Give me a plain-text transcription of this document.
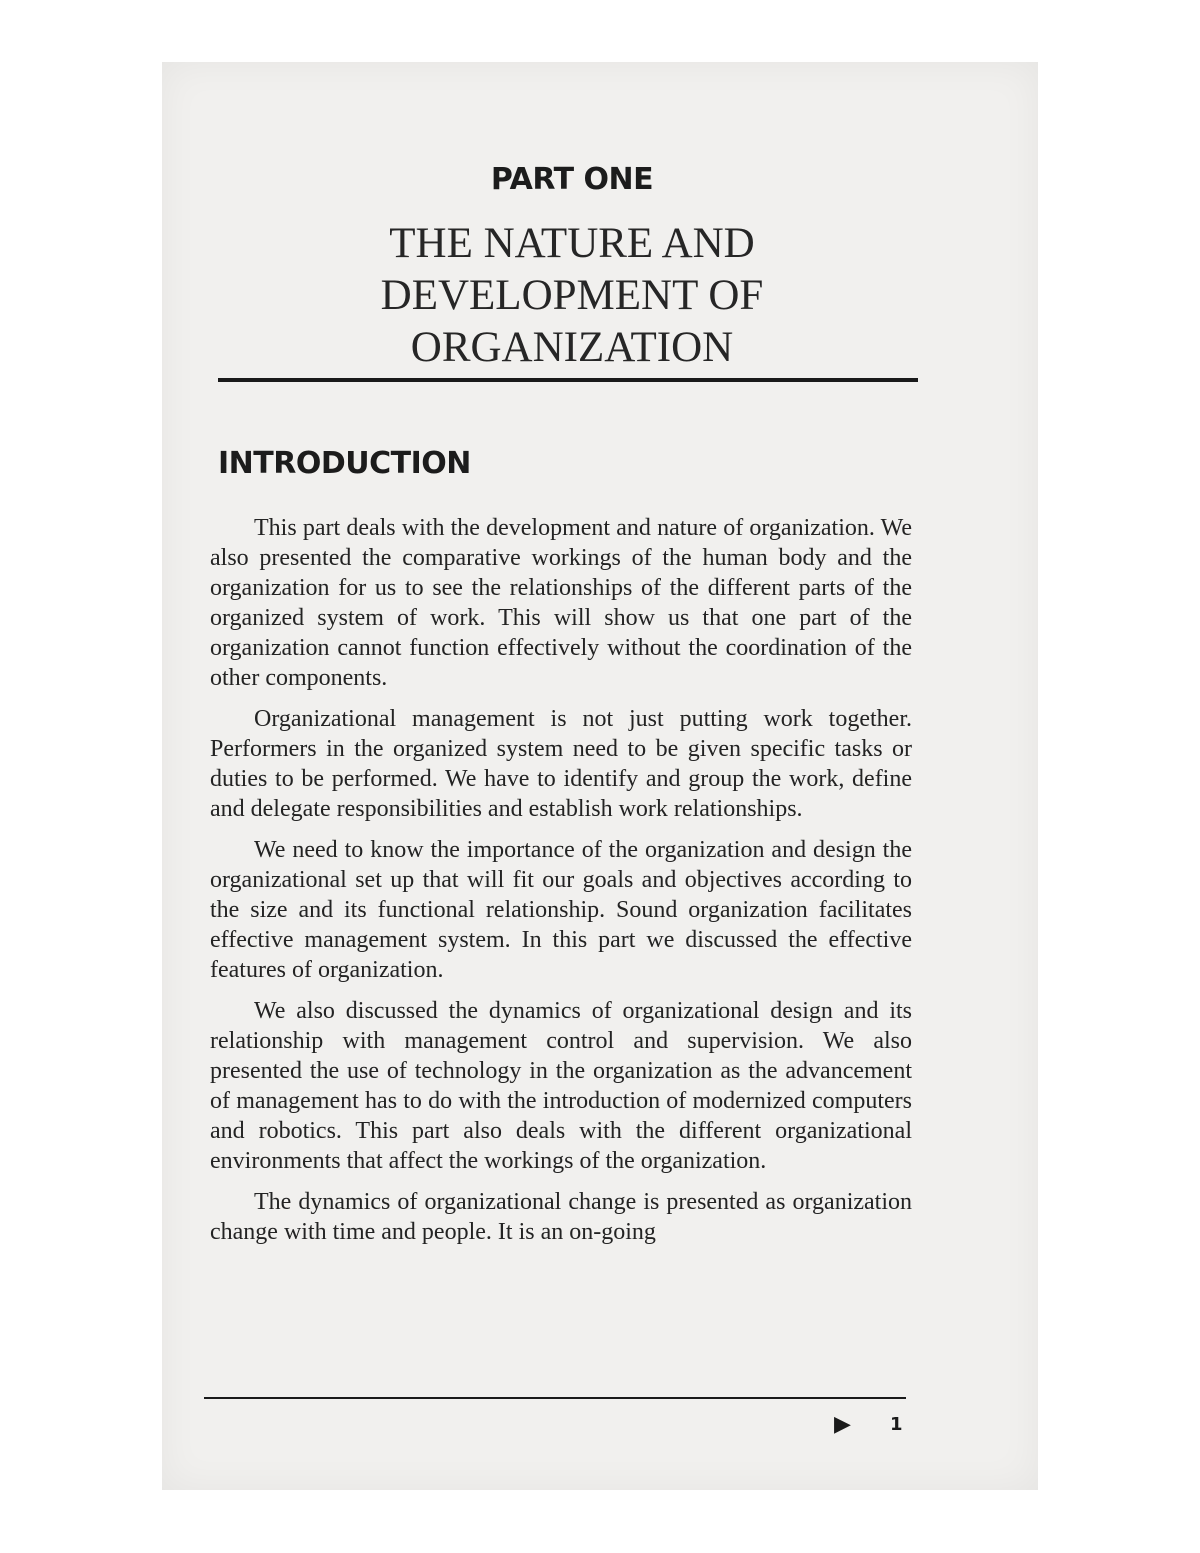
PART ONE
THE NATURE AND
DEVELOPMENT OF
ORGANIZATION
INTRODUCTION

This part deals with the development and nature of organization. We also presented the comparative workings of the human body and the organization for us to see the relationships of the different parts of the organized system of work. This will show us that one part of the organization cannot function effectively without the coordination of the other components.

Organizational management is not just putting work together. Performers in the organized system need to be given specific tasks or duties to be performed. We have to identify and group the work, define and delegate responsibilities and establish work relationships.

We need to know the importance of the organization and design the organizational set up that will fit our goals and objectives according to the size and its functional relationship. Sound organization facilitates effective management system. In this part we discussed the effective features of organization.

We also discussed the dynamics of organizational design and its relationship with management control and supervision. We also presented the use of technology in the organization as the advancement of management has to do with the introduction of modernized computers and robotics. This part also deals with the different organizational environments that affect the workings of the organization.

The dynamics of organizational change is presented as organization change with time and people. It is an on-going

▶ 1
